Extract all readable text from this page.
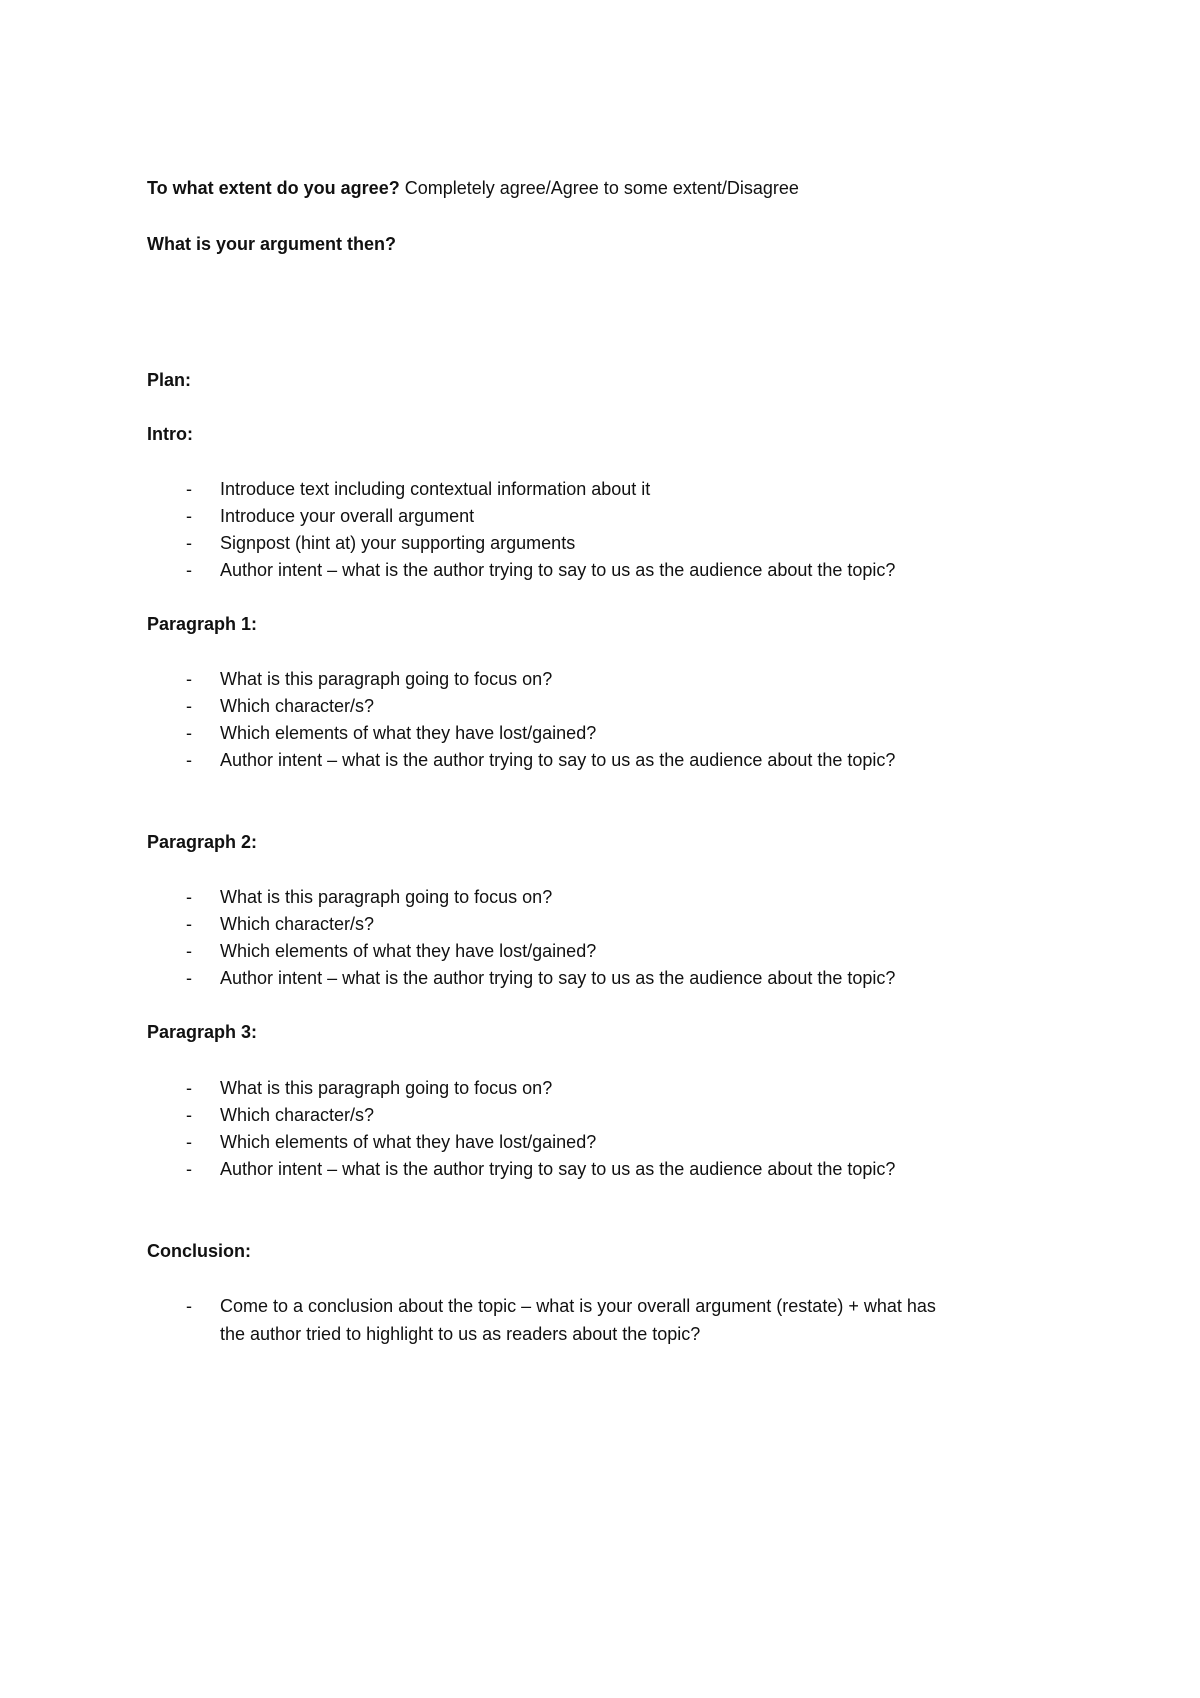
To what extent do you agree? Completely agree/Agree to some extent/Disagree
What is your argument then?
Plan:
Intro:
- Introduce text including contextual information about it
- Introduce your overall argument
- Signpost (hint at) your supporting arguments
- Author intent – what is the author trying to say to us as the audience about the topic?
Paragraph 1:
- What is this paragraph going to focus on?
- Which character/s?
- Which elements of what they have lost/gained?
- Author intent – what is the author trying to say to us as the audience about the topic?
Paragraph 2:
- What is this paragraph going to focus on?
- Which character/s?
- Which elements of what they have lost/gained?
- Author intent – what is the author trying to say to us as the audience about the topic?
Paragraph 3:
- What is this paragraph going to focus on?
- Which character/s?
- Which elements of what they have lost/gained?
- Author intent – what is the author trying to say to us as the audience about the topic?
Conclusion:
- Come to a conclusion about the topic – what is your overall argument (restate) + what has
the author tried to highlight to us as readers about the topic?
